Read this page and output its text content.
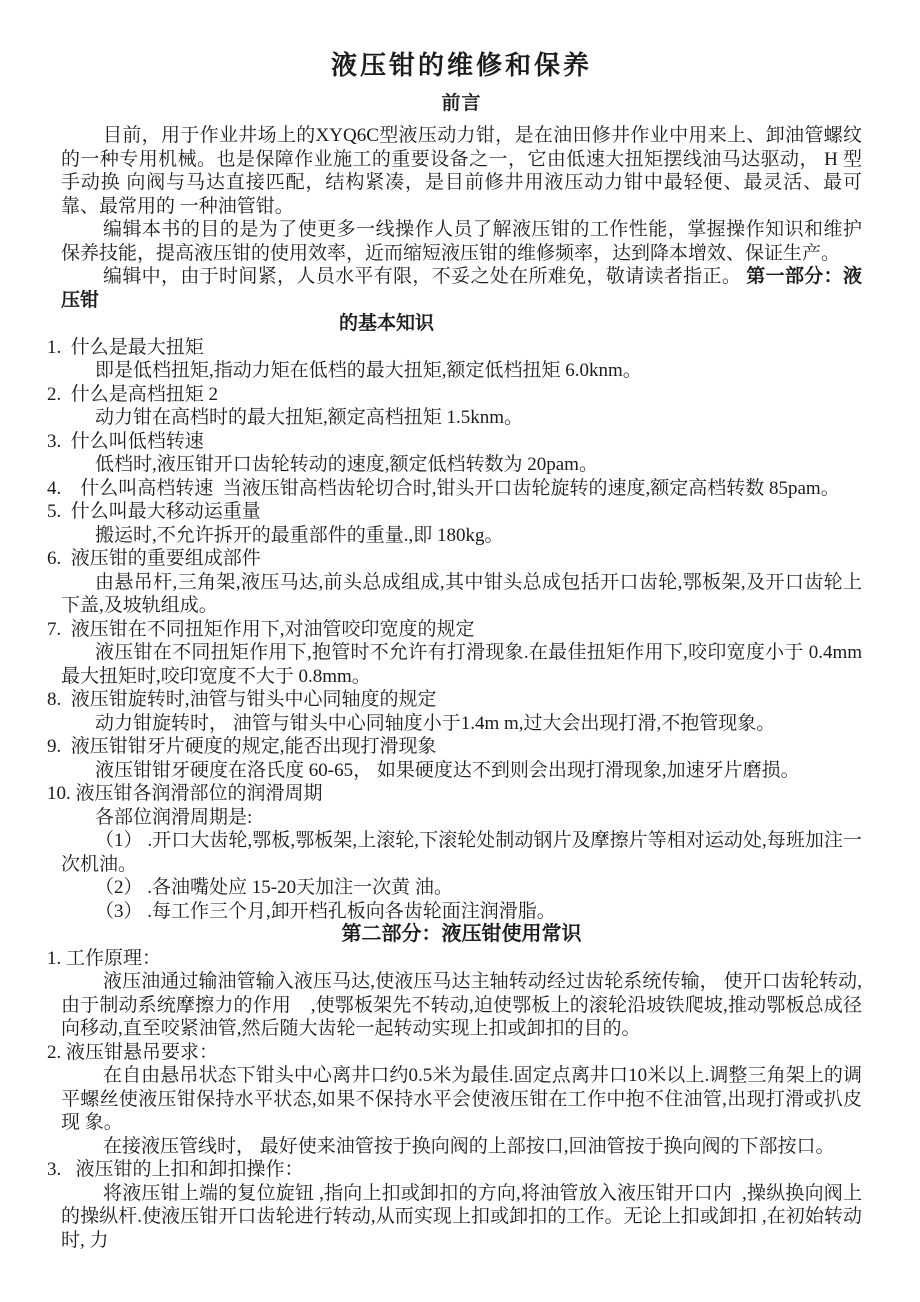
液压钳的维修和保养
前言

目前，用于作业井场上的XYQ6C型液压动力钳，是在油田修井作业中用来上、卸油管螺纹的一种专用机械。也是保障作业施工的重要设备之一，它由低速大扭矩摆线油马达驱动， H 型手动换 向阀与马达直接匹配，结构紧凑，是目前修井用液压动力钳中最轻便、最灵活、最可靠、最常用的 一种油管钳。

编辑本书的目的是为了使更多一线操作人员了解液压钳的工作性能，掌握操作知识和维护保养技能，提高液压钳的使用效率，近而缩短液压钳的维修频率，达到降本增效、保证生产。

编辑中，由于时间紧，人员水平有限，不妥之处在所难免，敬请读者指正。 第一部分：液压钳

的基本知识
1.  什么是最大扭矩
即是低档扭矩,指动力矩在低档的最大扭矩,额定低档扭矩 6.0knm。
2.  什么是高档扭矩 2
动力钳在高档时的最大扭矩,额定高档扭矩 1.5knm。
3.  什么叫低档转速
低档时,液压钳开口齿轮转动的速度,额定低档转数为 20pam。
4.    什么叫高档转速  当液压钳高档齿轮切合时,钳头开口齿轮旋转的速度,额定高档转数 85pam。
5.  什么叫最大移动运重量
搬运时,不允许拆开的最重部件的重量.,即 180kg。
6.  液压钳的重要组成部件
由悬吊杆,三角架,液压马达,前头总成组成,其中钳头总成包括开口齿轮,鄂板架,及开口齿轮上下盖,及坡轨组成。
7.  液压钳在不同扭矩作用下,对油管咬印宽度的规定
液压钳在不同扭矩作用下,抱管时不允许有打滑现象.在最佳扭矩作用下,咬印宽度小于 0.4mm 最大扭矩时,咬印宽度不大于 0.8mm。
8.  液压钳旋转时,油管与钳头中心同轴度的规定
动力钳旋转时， 油管与钳头中心同轴度小于1.4m m,过大会出现打滑,不抱管现象。
9.  液压钳钳牙片硬度的规定,能否出现打滑现象
液压钳钳牙硬度在洛氏度 60-65， 如果硬度达不到则会出现打滑现象,加速牙片磨损。
10. 液压钳各润滑部位的润滑周期
各部位润滑周期是:
（1） .开口大齿轮,鄂板,鄂板架,上滚轮,下滚轮处制动钢片及摩擦片等相对运动处,每班加注一次机油。
（2） .各油嘴处应 15-20天加注一次黄 油。
（3） .每工作三个月,卸开档孔板向各齿轮面注润滑脂。
第二部分：液压钳使用常识
1. 工作原理：

液压油通过输油管输入液压马达,使液压马达主轴转动经过齿轮系统传输， 使开口齿轮转动,由于制动系统摩擦力的作用    ,使鄂板架先不转动,迫使鄂板上的滚轮沿坡铁爬坡,推动鄂板总成径向移动,直至咬紧油管,然后随大齿轮一起转动实现上扣或卸扣的目的。

2. 液压钳悬吊要求：

在自由悬吊状态下钳头中心离井口约0.5米为最佳.固定点离井口10米以上.调整三角架上的调 平螺丝使液压钳保持水平状态,如果不保持水平会使液压钳在工作中抱不住油管,出现打滑或扒皮现 象。

在接液压管线时， 最好使来油管按于换向阀的上部按口,回油管按于换向阀的下部按口。

3.   液压钳的上扣和卸扣操作：

将液压钳上端的复位旋钮 ,指向上扣或卸扣的方向,将油管放入液压钳开口内  ,操纵换向阀上的操纵杆.使液压钳开口齿轮进行转动,从而实现上扣或卸扣的工作。无论上扣或卸扣 ,在初始转动时, 力
